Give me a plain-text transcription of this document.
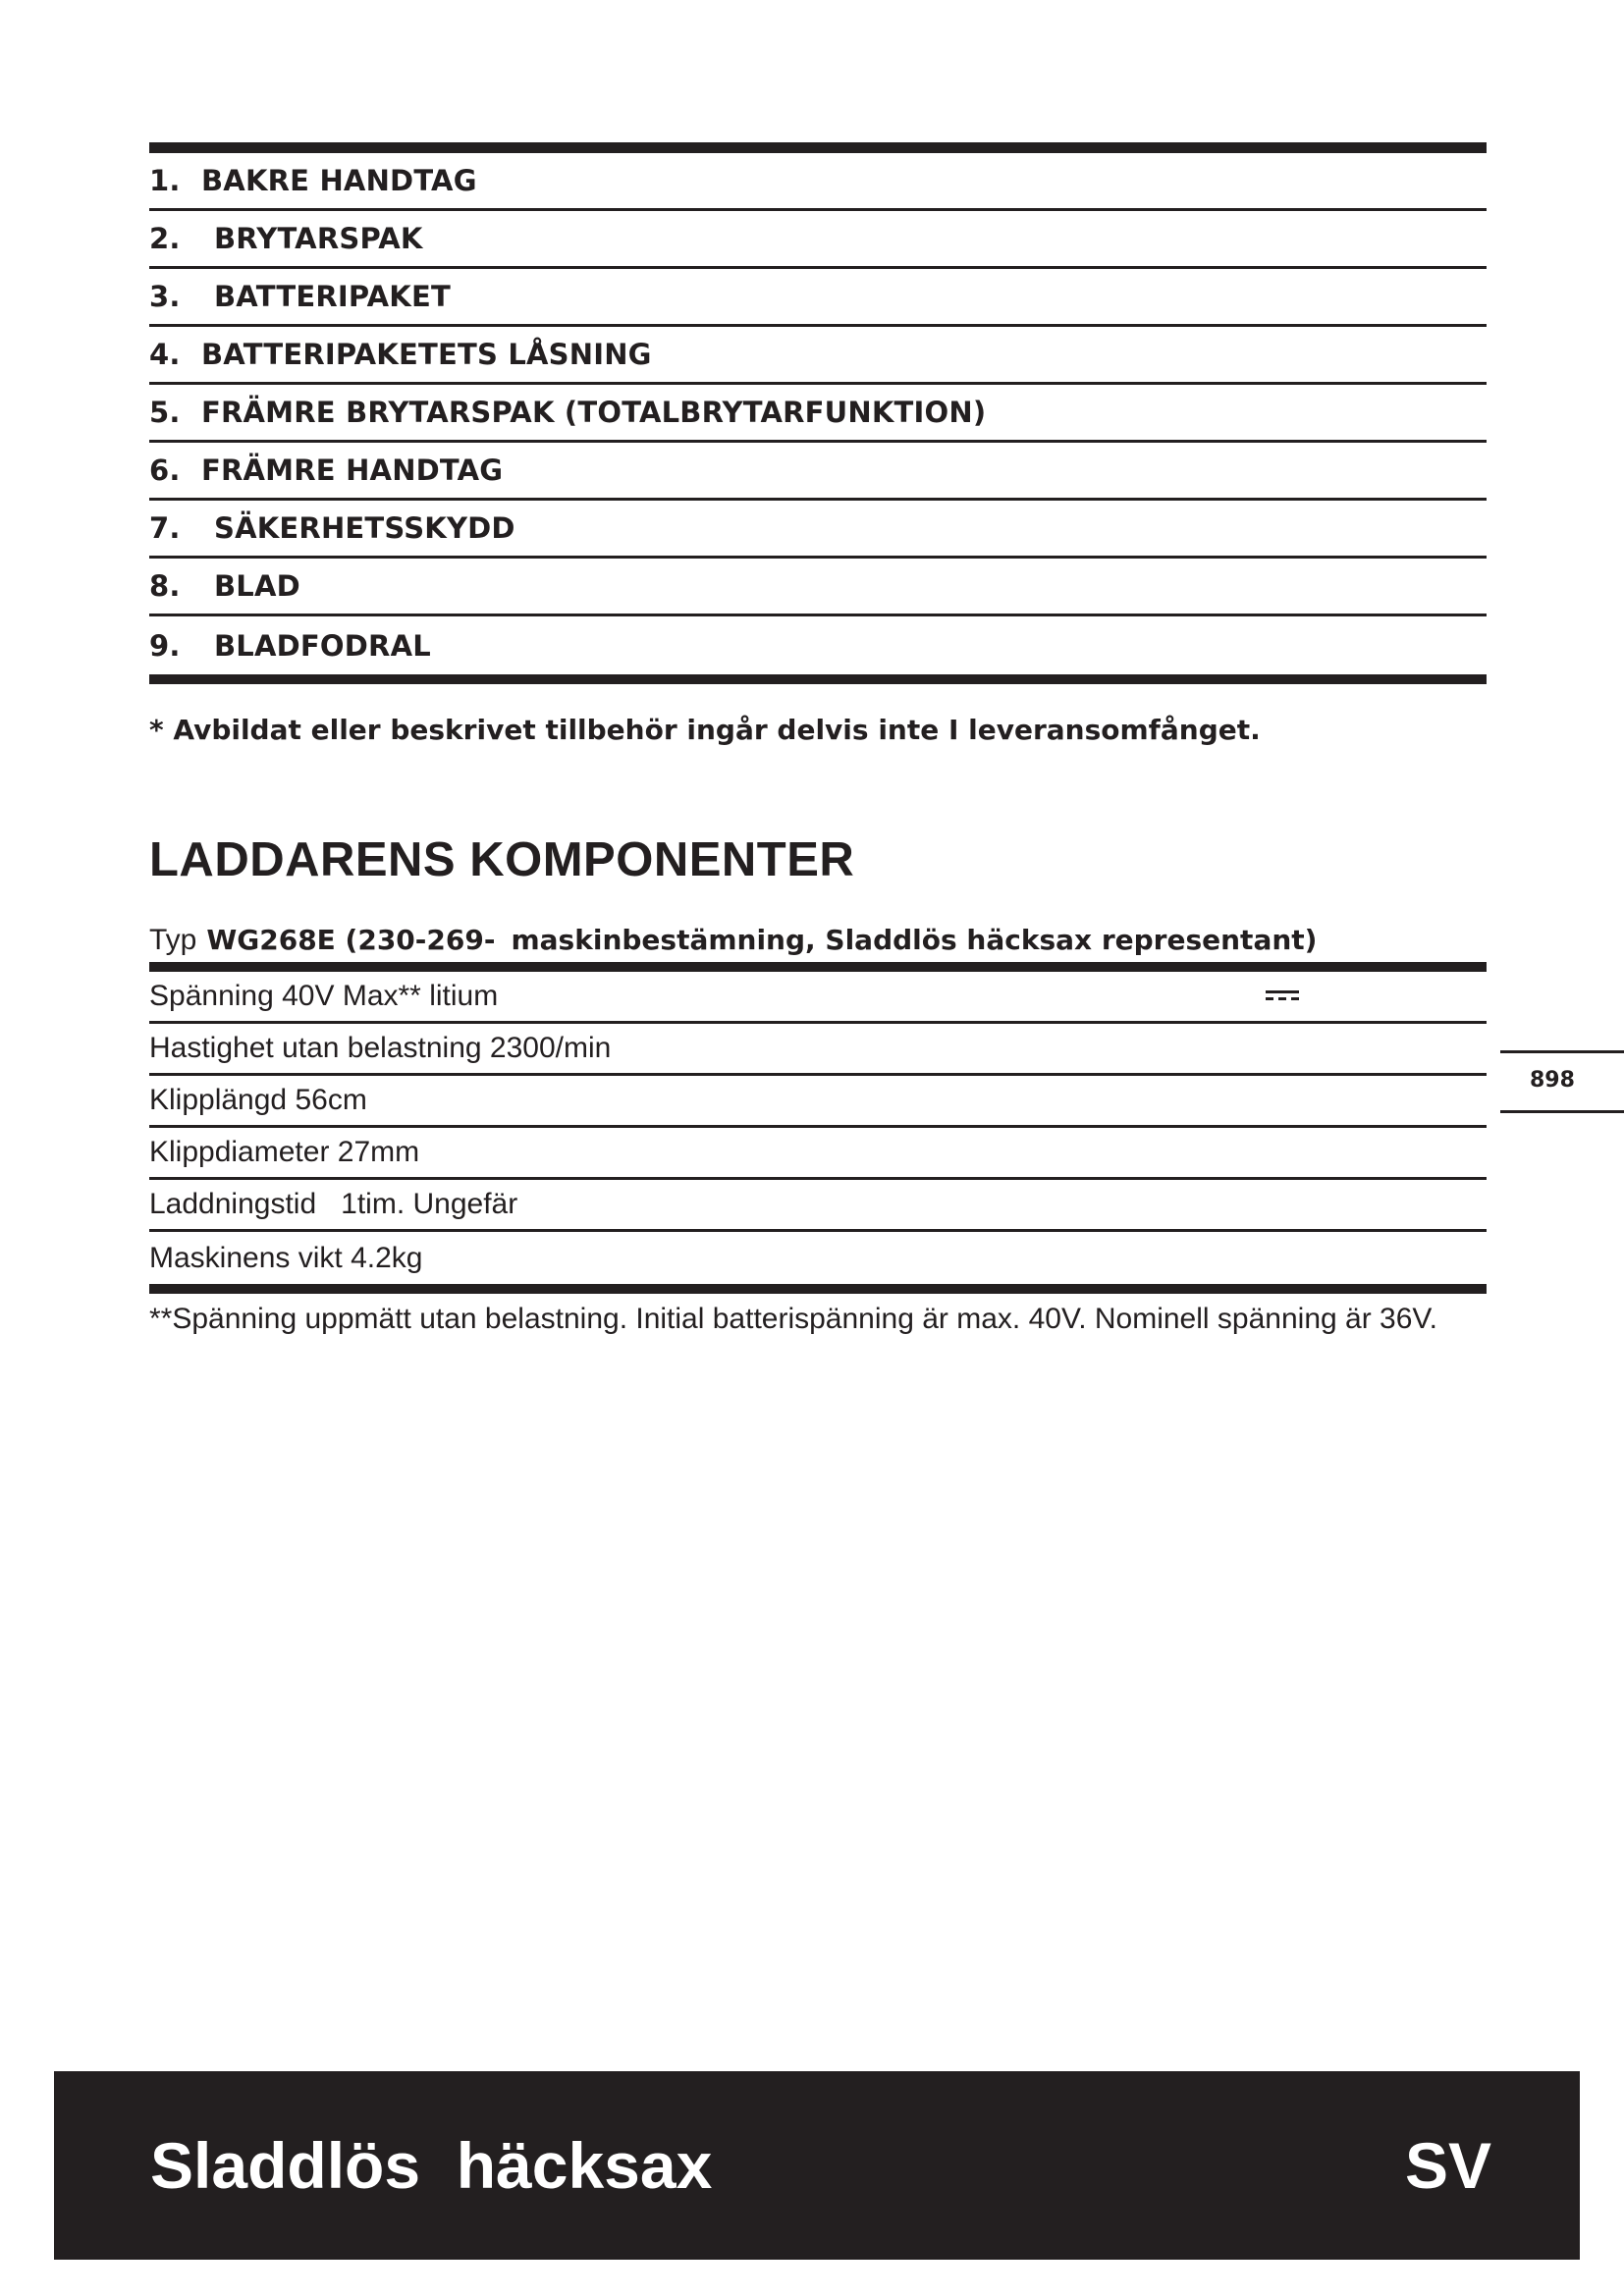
1. BAKRE HANDTAG
2.	BRYTARSPAK
3.	BATTERIPAKET
4. BATTERIPAKETETS LÅSNING
5. FRÄMRE BRYTARSPAK (TOTALBRYTARFUNKTION)
6. FRÄMRE HANDTAG
7.	SÄKERHETSSKYDD
8.	BLAD
9.	BLADFODRAL
* Avbildat eller beskrivet tillbehör ingår delvis inte I leveransomfånget.
LADDARENS KOMPONENTER
Typ WG268E (230-269- maskinbestämning, Sladdlös häcksax representant)
Spänning 40V Max** litium
Hastighet utan belastning 2300/min
Klipplängd 56cm
Klippdiameter 27mm
Laddningstid   1tim. Ungefär
Maskinens vikt 4.2kg
**Spänning uppmätt utan belastning. Initial batterispänning är max. 40V. Nominell spänning är 36V.
898
Sladdlös  häcksax	SV
